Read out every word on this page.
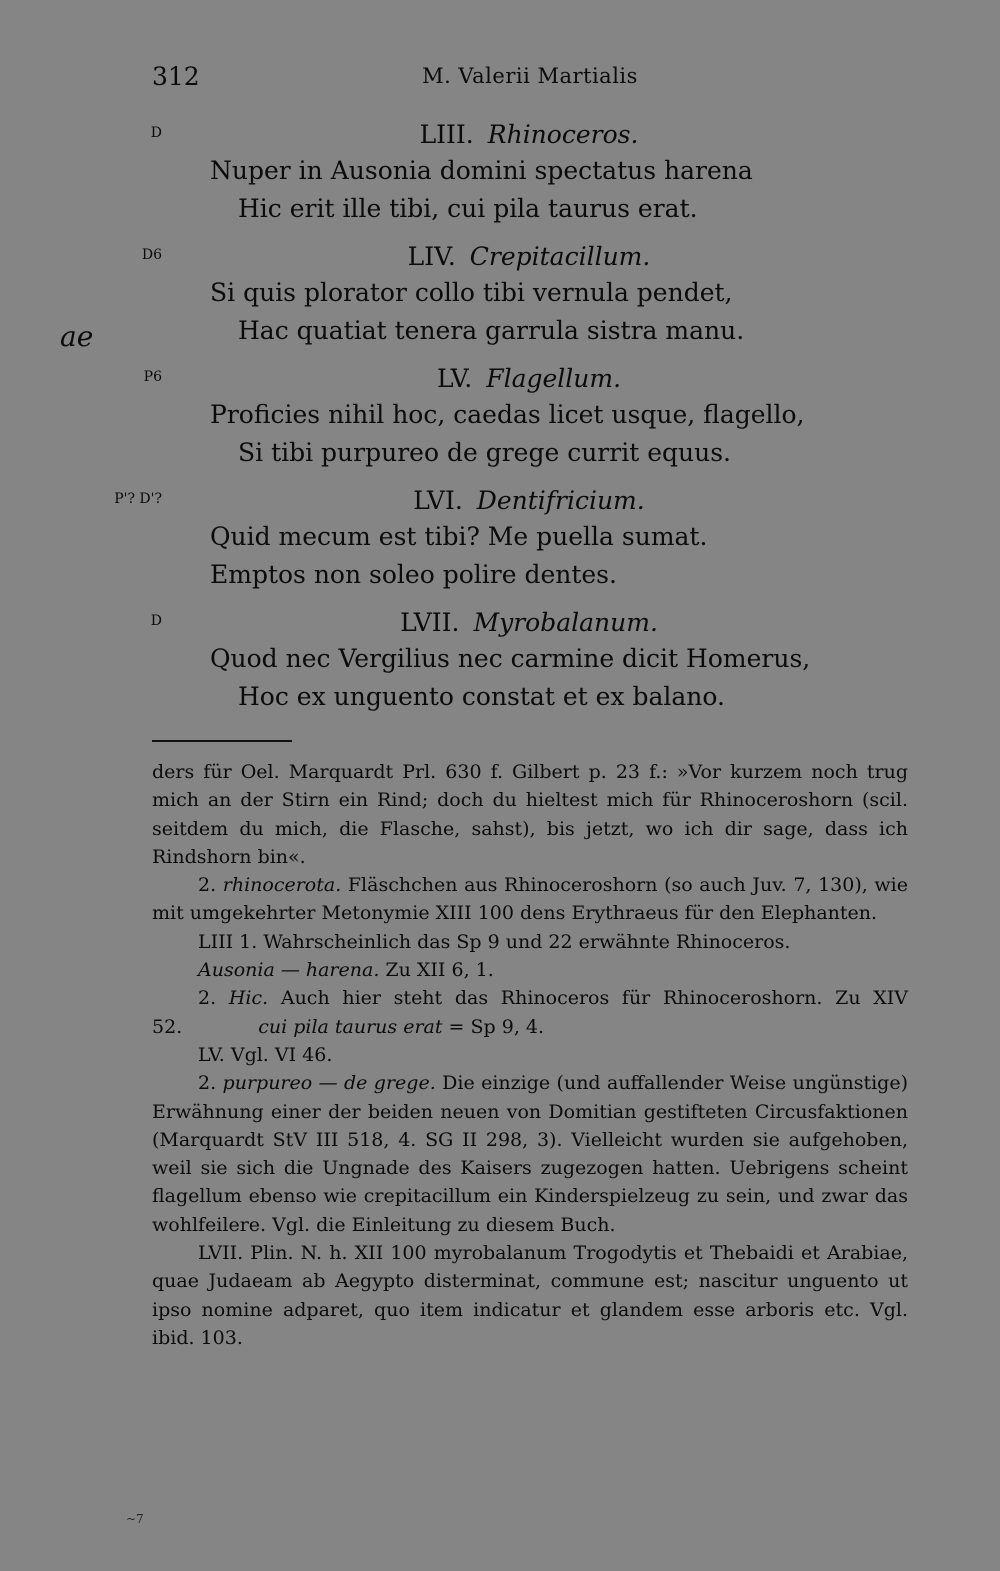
312	M. Valerii Martialis
ae
D	LIII. Rhinoceros.
Nuper in Ausonia domini spectatus harena
Hic erit ille tibi, cui pila taurus erat.
D6	LIV. Crepitacillum.
Si quis plorator collo tibi vernula pendet,
Hac quatiat tenera garrula sistra manu.
P6	LV. Flagellum.
Proficies nihil hoc, caedas licet usque, flagello,
Si tibi purpureo de grege currit equus.
P'? D'?	LVI. Dentifricium.
Quid mecum est tibi? Me puella sumat.
Emptos non soleo polire dentes.
D	LVII. Myrobalanum.
Quod nec Vergilius nec carmine dicit Homerus,
Hoc ex unguento constat et ex balano.

ders für Oel. Marquardt Prl. 630 f. Gilbert p. 23 f.: »Vor kurzem noch trug mich an der Stirn ein Rind; doch du hieltest mich für Rhinoceroshorn (scil. seitdem du mich, die Flasche, sahst), bis jetzt, wo ich dir sage, dass ich Rindshorn bin«.

2. rhinocerota. Fläschchen aus Rhinoceroshorn (so auch Juv. 7, 130), wie mit umgekehrter Metonymie XIII 100 dens Erythraeus für den Elephanten.

LIII 1. Wahrscheinlich das Sp 9 und 22 erwähnte Rhinoceros.

Ausonia — harena. Zu XII 6, 1.

2. Hic. Auch hier steht das Rhinoceros für Rhinoceroshorn. Zu XIV 52.    	cui pila taurus erat = Sp 9, 4.

LV. Vgl. VI 46.

2. purpureo — de grege. Die einzige (und auffallender Weise ungünstige) Erwähnung einer der beiden neuen von Domitian gestifteten Circusfaktionen (Marquardt StV III 518, 4. SG II 298, 3). Vielleicht wurden sie aufgehoben, weil sie sich die Ungnade des Kaisers zugezogen hatten. Uebrigens scheint flagellum ebenso wie crepitacillum ein Kinderspielzeug zu sein, und zwar das wohlfeilere. Vgl. die Einleitung zu diesem Buch.

LVII. Plin. N. h. XII 100 myrobalanum Trogodytis et Thebaidi et Arabiae, quae Judaeam ab Aegypto disterminat, commune est; nascitur unguento ut ipso nomine adparet, quo item indicatur et glandem esse arboris etc. Vgl. ibid. 103.

~7
